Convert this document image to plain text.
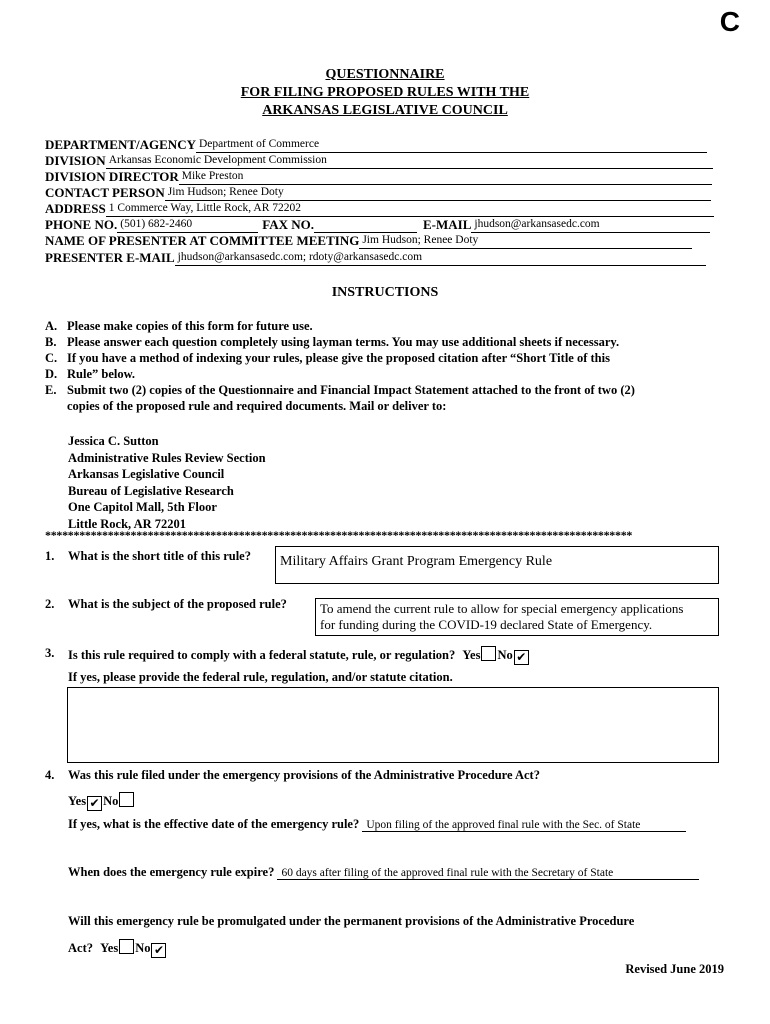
C
QUESTIONNAIRE
FOR FILING PROPOSED RULES WITH THE
ARKANSAS LEGISLATIVE COUNCIL
DEPARTMENT/AGENCY Department of Commerce
DIVISION Arkansas Economic Development Commission
DIVISION DIRECTOR Mike Preston
CONTACT PERSON Jim Hudson; Renee Doty
ADDRESS 1 Commerce Way, Little Rock, AR 72202
PHONE NO. (501) 682-2460	FAX NO.	E-MAIL jhudson@arkansasedc.com
NAME OF PRESENTER AT COMMITTEE MEETING Jim Hudson; Renee Doty
PRESENTER E-MAIL jhudson@arkansasedc.com; rdoty@arkansasedc.com
INSTRUCTIONS
A. Please make copies of this form for future use.
B. Please answer each question completely using layman terms. You may use additional sheets if necessary.
C. If you have a method of indexing your rules, please give the proposed citation after “Short Title of this
D. Rule” below.
E. Submit two (2) copies of the Questionnaire and Financial Impact Statement attached to the front of two (2)
copies of the proposed rule and required documents. Mail or deliver to:
Jessica C. Sutton
Administrative Rules Review Section
Arkansas Legislative Council
Bureau of Legislative Research
One Capitol Mall, 5th Floor
Little Rock, AR 72201
*******************************************************************************************************
1. What is the short title of this rule?	Military Affairs Grant Program Emergency Rule
2. What is the subject of the proposed rule?	To amend the current rule to allow for special emergency applications
for funding during the COVID-19 declared State of Emergency.
3. Is this rule required to comply with a federal statute, rule, or regulation? Yes No ✔
If yes, please provide the federal rule, regulation, and/or statute citation.
4. Was this rule filed under the emergency provisions of the Administrative Procedure Act?
Yes ✔ No
If yes, what is the effective date of the emergency rule? Upon filing of the approved final rule with the Sec. of State
When does the emergency rule expire? 60 days after filing of the approved final rule with the Secretary of State
Will this emergency rule be promulgated under the permanent provisions of the Administrative Procedure
Act? Yes No ✔
Revised June 2019
